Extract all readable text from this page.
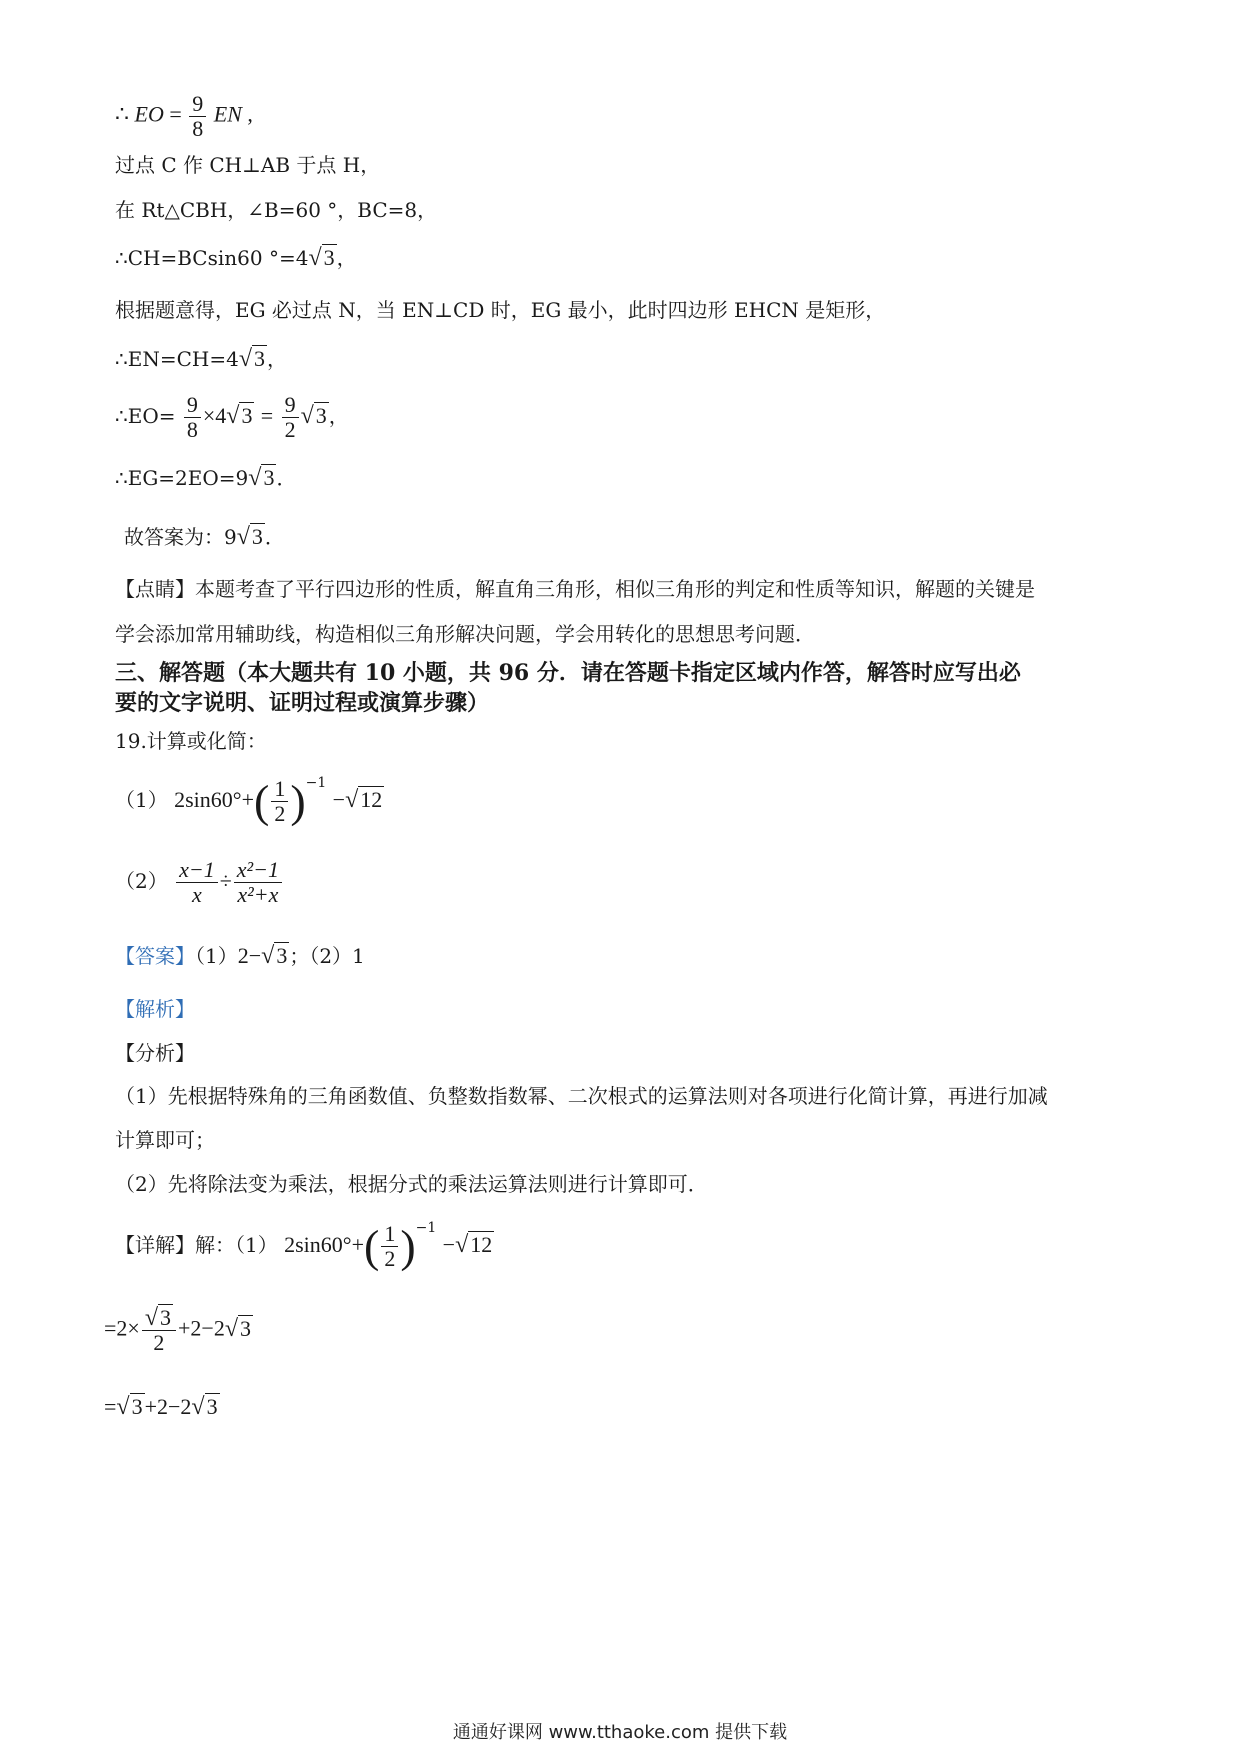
∴ EO = $\frac{9}{8}$ EN ,
过点 C 作 CH⊥AB 于点 H，
在 Rt△CBH，∠B=60 °，BC=8，
∴CH=BCsin60 °=4√3 ，
根据题意得，EG 必过点 N，当 EN⊥CD 时，EG 最小，此时四边形 EHCN 是矩形，
∴EN=CH=4√3 ，
∴EO= $\frac{9}{8} \times 4√3 = \frac{9}{2} √3$ ，
∴EG=2EO=9√3 ．
故答案为：9√3 ．
【点睛】本题考查了平行四边形的性质，解直角三角形，相似三角形的判定和性质等知识，解题的关键是
学会添加常用辅助线，构造相似三角形解决问题，学会用转化的思想思考问题．
三、解答题（本大题共有 10 小题，共 96 分．请在答题卡指定区域内作答，解答时应写出必
要的文字说明、证明过程或演算步骤）
19.计算或化简：
（1） $2\sin 60^\circ+( \frac{1}{2} )^{-1} -√12$
$(2) \frac{x-1}{x} \div \frac{\text{x²−1}}{\text{x²+x}}$
【答案】（1）2−√3 ；（2）1
【解析】
【分析】
（1）先根据特殊角的三角函数值、负整数指数幂、二次根式的运算法则对各项进行化简计算，再进行加减
计算即可；
（2）先将除法变为乘法，根据分式的乘法运算法则进行计算即可．
【详解】解：（1） $2\sin 60^\circ+( \frac{1}{2} )^{-1} -√12$
$=2\times \frac{√3}{2} +2-2√3$
=√3+2−2√3
通通好课网 www.tthaoke.com 提供下载
